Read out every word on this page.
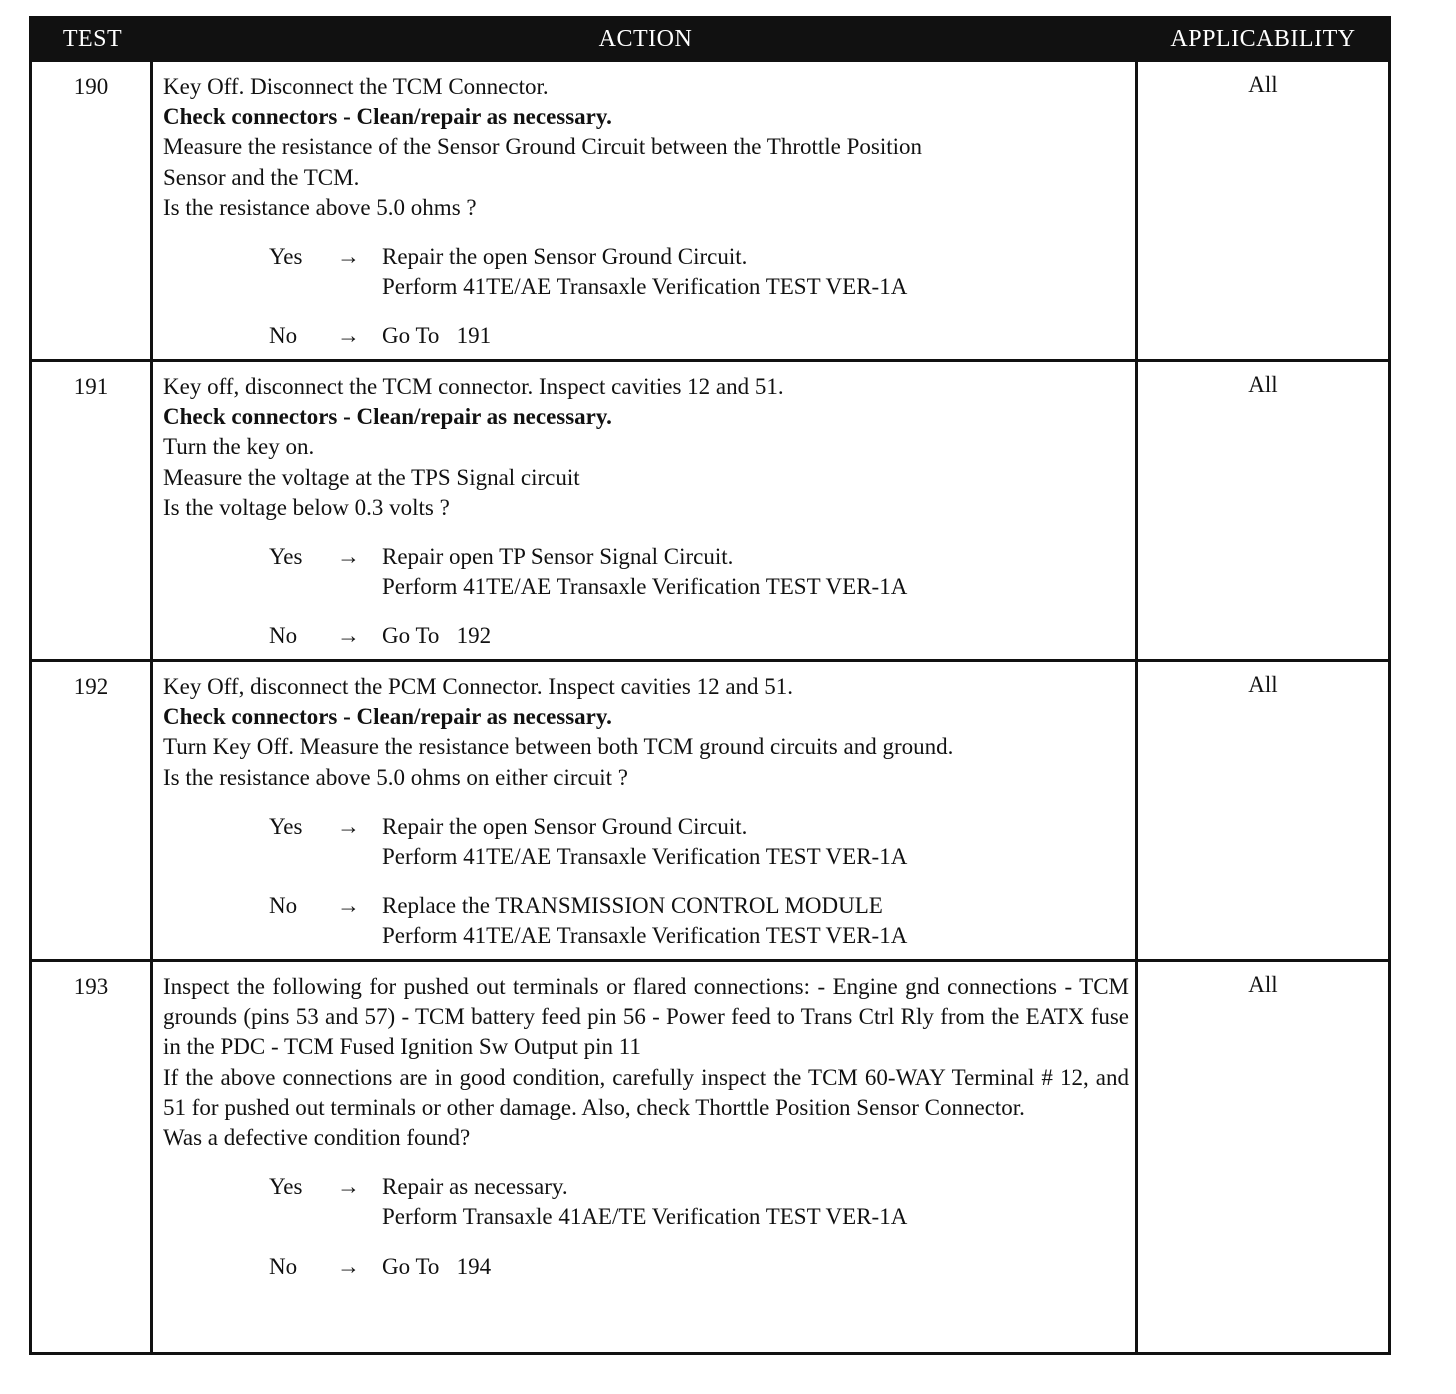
TEST	ACTION	APPLICABILITY
190	Key Off. Disconnect the TCM Connector.
Check connectors - Clean/repair as necessary.
Measure the resistance of the Sensor Ground Circuit between the Throttle Position
Sensor and the TCM.
Is the resistance above 5.0 ohms ?
Yes	→ Repair the open Sensor Ground Circuit.
Perform 41TE/AE Transaxle Verification TEST VER-1A
No	→ Go To   191
All
191	Key off, disconnect the TCM connector. Inspect cavities 12 and 51.
Check connectors - Clean/repair as necessary.
Turn the key on.
Measure the voltage at the TPS Signal circuit
Is the voltage below 0.3 volts ?
Yes	→ Repair open TP Sensor Signal Circuit.
Perform 41TE/AE Transaxle Verification TEST VER-1A
No	→ Go To   192
All
192	Key Off, disconnect the PCM Connector. Inspect cavities 12 and 51.
Check connectors - Clean/repair as necessary.
Turn Key Off. Measure the resistance between both TCM ground circuits and ground.
Is the resistance above 5.0 ohms on either circuit ?
Yes	→ Repair the open Sensor Ground Circuit.
Perform 41TE/AE Transaxle Verification TEST VER-1A
No	→ Replace the TRANSMISSION CONTROL MODULE
Perform 41TE/AE Transaxle Verification TEST VER-1A
All
193	Inspect the following for pushed out terminals or flared connections: - Engine gnd connections - TCM grounds (pins 53 and 57) - TCM battery feed pin 56 - Power feed to Trans Ctrl Rly from the EATX fuse in the PDC - TCM Fused Ignition Sw Output pin 11
If the above connections are in good condition, carefully inspect the TCM 60-WAY Terminal # 12, and 51 for pushed out terminals or other damage. Also, check Thorttle Position Sensor Connector.
Was a defective condition found?
Yes	→ Repair as necessary.
Perform Transaxle 41AE/TE Verification TEST VER-1A
No	→ Go To   194
All
